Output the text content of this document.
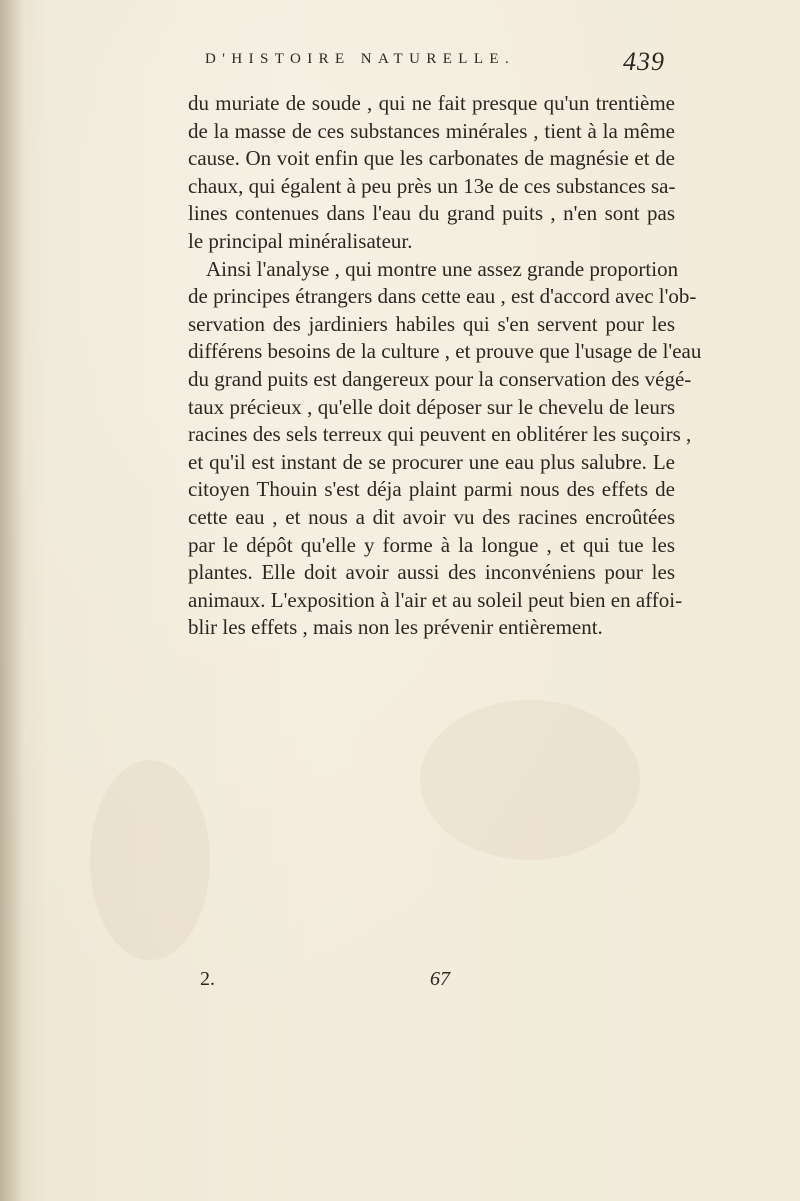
D'HISTOIRE NATURELLE.	439
du muriate de soude , qui ne fait presque qu'un trentième
de la masse de ces substances minérales , tient à la même
cause. On voit enfin que les carbonates de magnésie et de
chaux, qui égalent à peu près un 13e de ces substances sa-
lines contenues dans l'eau du grand puits , n'en sont pas
le principal minéralisateur.
Ainsi l'analyse , qui montre une assez grande proportion
de principes étrangers dans cette eau , est d'accord avec l'ob-
servation des jardiniers habiles qui s'en servent pour les
différens besoins de la culture , et prouve que l'usage de l'eau
du grand puits est dangereux pour la conservation des végé-
taux précieux , qu'elle doit déposer sur le chevelu de leurs
racines des sels terreux qui peuvent en oblitérer les suçoirs ,
et qu'il est instant de se procurer une eau plus salubre. Le
citoyen Thouin s'est déja plaint parmi nous des effets de
cette eau , et nous a dit avoir vu des racines encroûtées
par le dépôt qu'elle y forme à la longue , et qui tue les
plantes. Elle doit avoir aussi des inconvéniens pour les
animaux. L'exposition à l'air et au soleil peut bien en affoi-
blir les effets , mais non les prévenir entièrement.
2.	67
